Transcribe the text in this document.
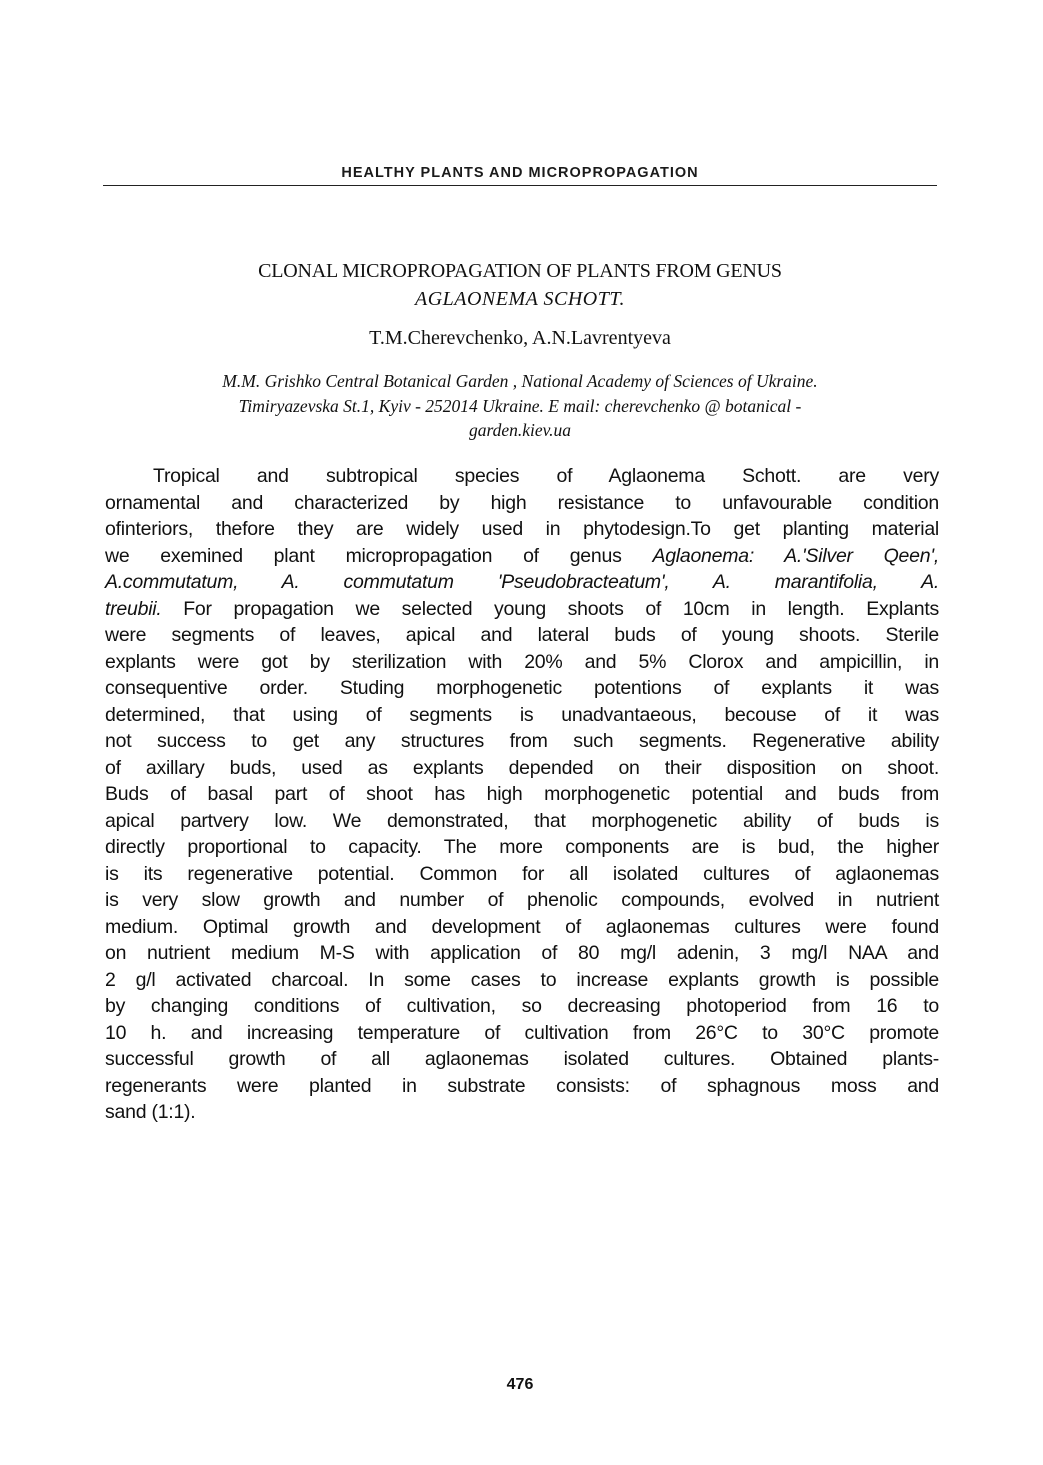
HEALTHY PLANTS AND MICROPROPAGATION
CLONAL MICROPROPAGATION OF PLANTS FROM GENUS
AGLAONEMA SCHOTT.
T.M.Cherevchenko, A.N.Lavrentyeva
M.M. Grishko Central Botanical Garden , National Academy of Sciences of Ukraine.
Timiryazevska St.1, Kyiv - 252014 Ukraine. E mail: cherevchenko @ botanical -
garden.kiev.ua
Tropical and subtropical species of Aglaonema Schott. are very
ornamental and characterized by high resistance to unfavourable condition
ofinteriors, thefore they are widely used in phytodesign.To get planting material
we exemined plant micropropagation of genus Aglaonema: A.'Silver Qeen',
A.commutatum, A. commutatum 'Pseudobracteatum', A. marantifolia, A.
treubii. For propagation we selected young shoots of 10cm in length. Explants
were segments of leaves, apical and lateral buds of young shoots. Sterile
explants were got by sterilization with 20% and 5% Clorox and ampicillin, in
consequentive order. Studing morphogenetic potentions of explants it was
determined, that using of segments is unadvantaeous, becouse of it was
not success to get any structures from such segments. Regenerative ability
of axillary buds, used as explants depended on their disposition on shoot.
Buds of basal part of shoot has high morphogenetic potential and buds from
apical partvery low. We demonstrated, that morphogenetic ability of buds is
directly proportional to capacity. The more components are is bud, the higher
is its regenerative potential. Common for all isolated cultures of aglaonemas
is very slow growth and number of phenolic compounds, evolved in nutrient
medium. Optimal growth and development of aglaonemas cultures were found
on nutrient medium M-S with application of 80 mg/l adenin, 3 mg/l NAA and
2 g/l activated charcoal. In some cases to increase explants growth is possible
by changing conditions of cultivation, so decreasing photoperiod from 16 to
10 h. and increasing temperature of cultivation from 26°C to 30°C promote
successful growth of all aglaonemas isolated cultures. Obtained plants-
regenerants were planted in substrate consists: of sphagnous moss and
sand (1:1).
476
